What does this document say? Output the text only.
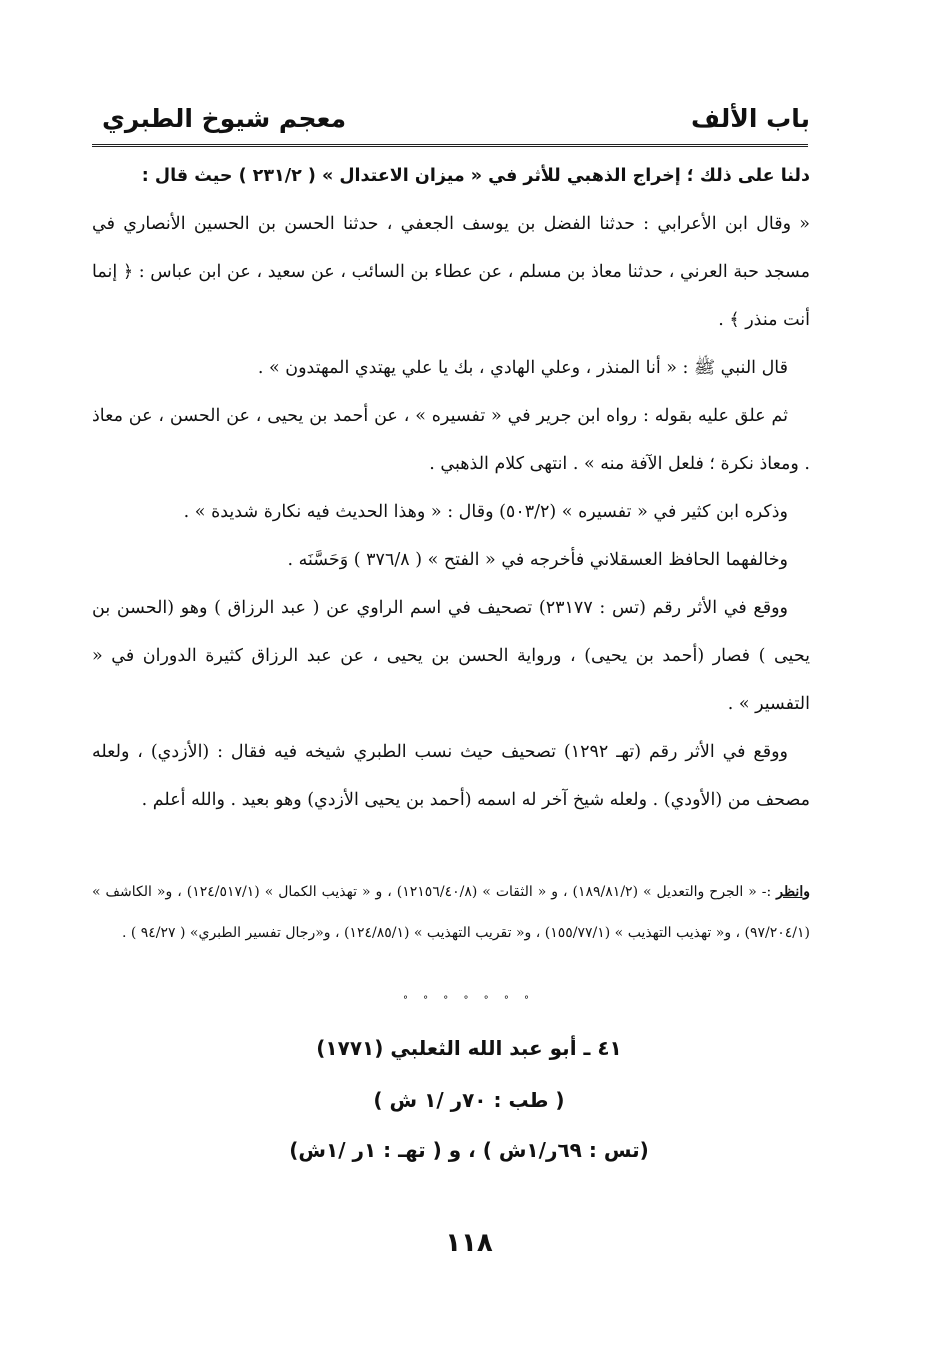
باب الألف
معجم شيوخ الطبري

دلنا على ذلك ؛ إخراج الذهبي للأثر في « ميزان الاعتدال » ( ٢٣١/٢ ) حيث قال :

« وقال ابن الأعرابي : حدثنا الفضل بن يوسف الجعفي ، حدثنا الحسن بن الحسين الأنصاري في مسجد حبة العرني ، حدثنا معاذ بن مسلم ، عن عطاء بن السائب ، عن سعيد ، عن ابن عباس : ﴿ إنما أنت منذر ﴾ .

قال النبي ﷺ : « أنا المنذر ، وعلي الهادي ، بك يا علي يهتدي المهتدون » .

ثم علق عليه بقوله : رواه ابن جرير في « تفسيره » ، عن أحمد بن يحيى ، عن الحسن ، عن معاذ . ومعاذ نكرة ؛ فلعل الآفة منه » . انتهى كلام الذهبي .

وذكره ابن كثير في « تفسيره » (٥٠٣/٢) وقال : « وهذا الحديث فيه نكارة شديدة » .

وخالفهما الحافظ العسقلاني فأخرجه في « الفتح » ( ٣٧٦/٨ ) وَحَسَّنَه .

ووقع في الأثر رقم (تس : ٢٣١٧٧) تصحيف في اسم الراوي عن ( عبد الرزاق ) وهو (الحسن بن يحيى ) فصار (أحمد بن يحيى) ، ورواية الحسن بن يحيى ، عن عبد الرزاق كثيرة الدوران في « التفسير » .

ووقع في الأثر رقم (تهـ ١٢٩٢) تصحيف حيث نسب الطبري شيخه فيه فقال : (الأزدي) ، ولعله مصحف من (الأودي) . ولعله شيخ آخر له اسمه (أحمد بن يحيى الأزدي) وهو بعيد . والله أعلم .

وانظر :- « الجرح والتعديل » (١٨٩/٨١/٢) ، و « الثقات » (١٢١٥٦/٤٠/٨) ، و « تهذيب الكمال » (١٢٤/٥١٧/١) ، و« الكاشف » (٩٧/٢٠٤/١) ، و« تهذيب التهذيب » (١٥٥/٧٧/١) ، و« تقريب التهذيب » (١٢٤/٨٥/١) ، و«رجال تفسير الطبري» ( ٩٤/٢٧ ) .

° ° ° ° ° ° °
٤١ ـ أبو عبد الله الثعلبي (١٧٧١)
( طب : ٧٠ر /١ ش )
(تس : ٦٩ر/١ش ) ، و ( تهـ : ١ر /١ش)
١١٨
